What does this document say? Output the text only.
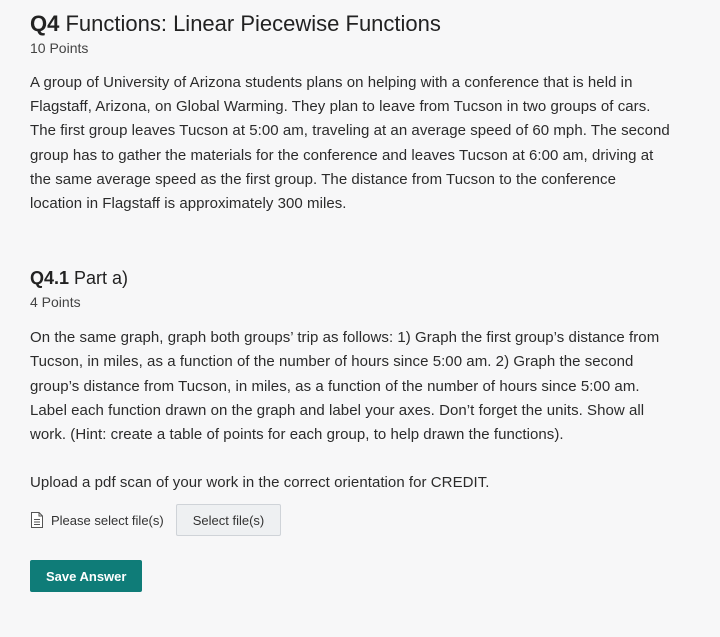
Q4 Functions: Linear Piecewise Functions
10 Points

A group of University of Arizona students plans on helping with a conference that is held in
Flagstaff, Arizona, on Global Warming. They plan to leave from Tucson in two groups of cars.
The first group leaves Tucson at 5:00 am, traveling at an average speed of 60 mph. The second
group has to gather the materials for the conference and leaves Tucson at 6:00 am, driving at
the same average speed as the first group. The distance from Tucson to the conference
location in Flagstaff is approximately 300 miles.

Q4.1 Part a)
4 Points

On the same graph, graph both groups’ trip as follows: 1) Graph the first group’s distance from
Tucson, in miles, as a function of the number of hours since 5:00 am. 2) Graph the second
group’s distance from Tucson, in miles, as a function of the number of hours since 5:00 am.
Label each function drawn on the graph and label your axes. Don’t forget the units. Show all
work. (Hint: create a table of points for each group, to help drawn the functions).

Upload a pdf scan of your work in the correct orientation for CREDIT.

Please select file(s)	Select file(s)
Save Answer
